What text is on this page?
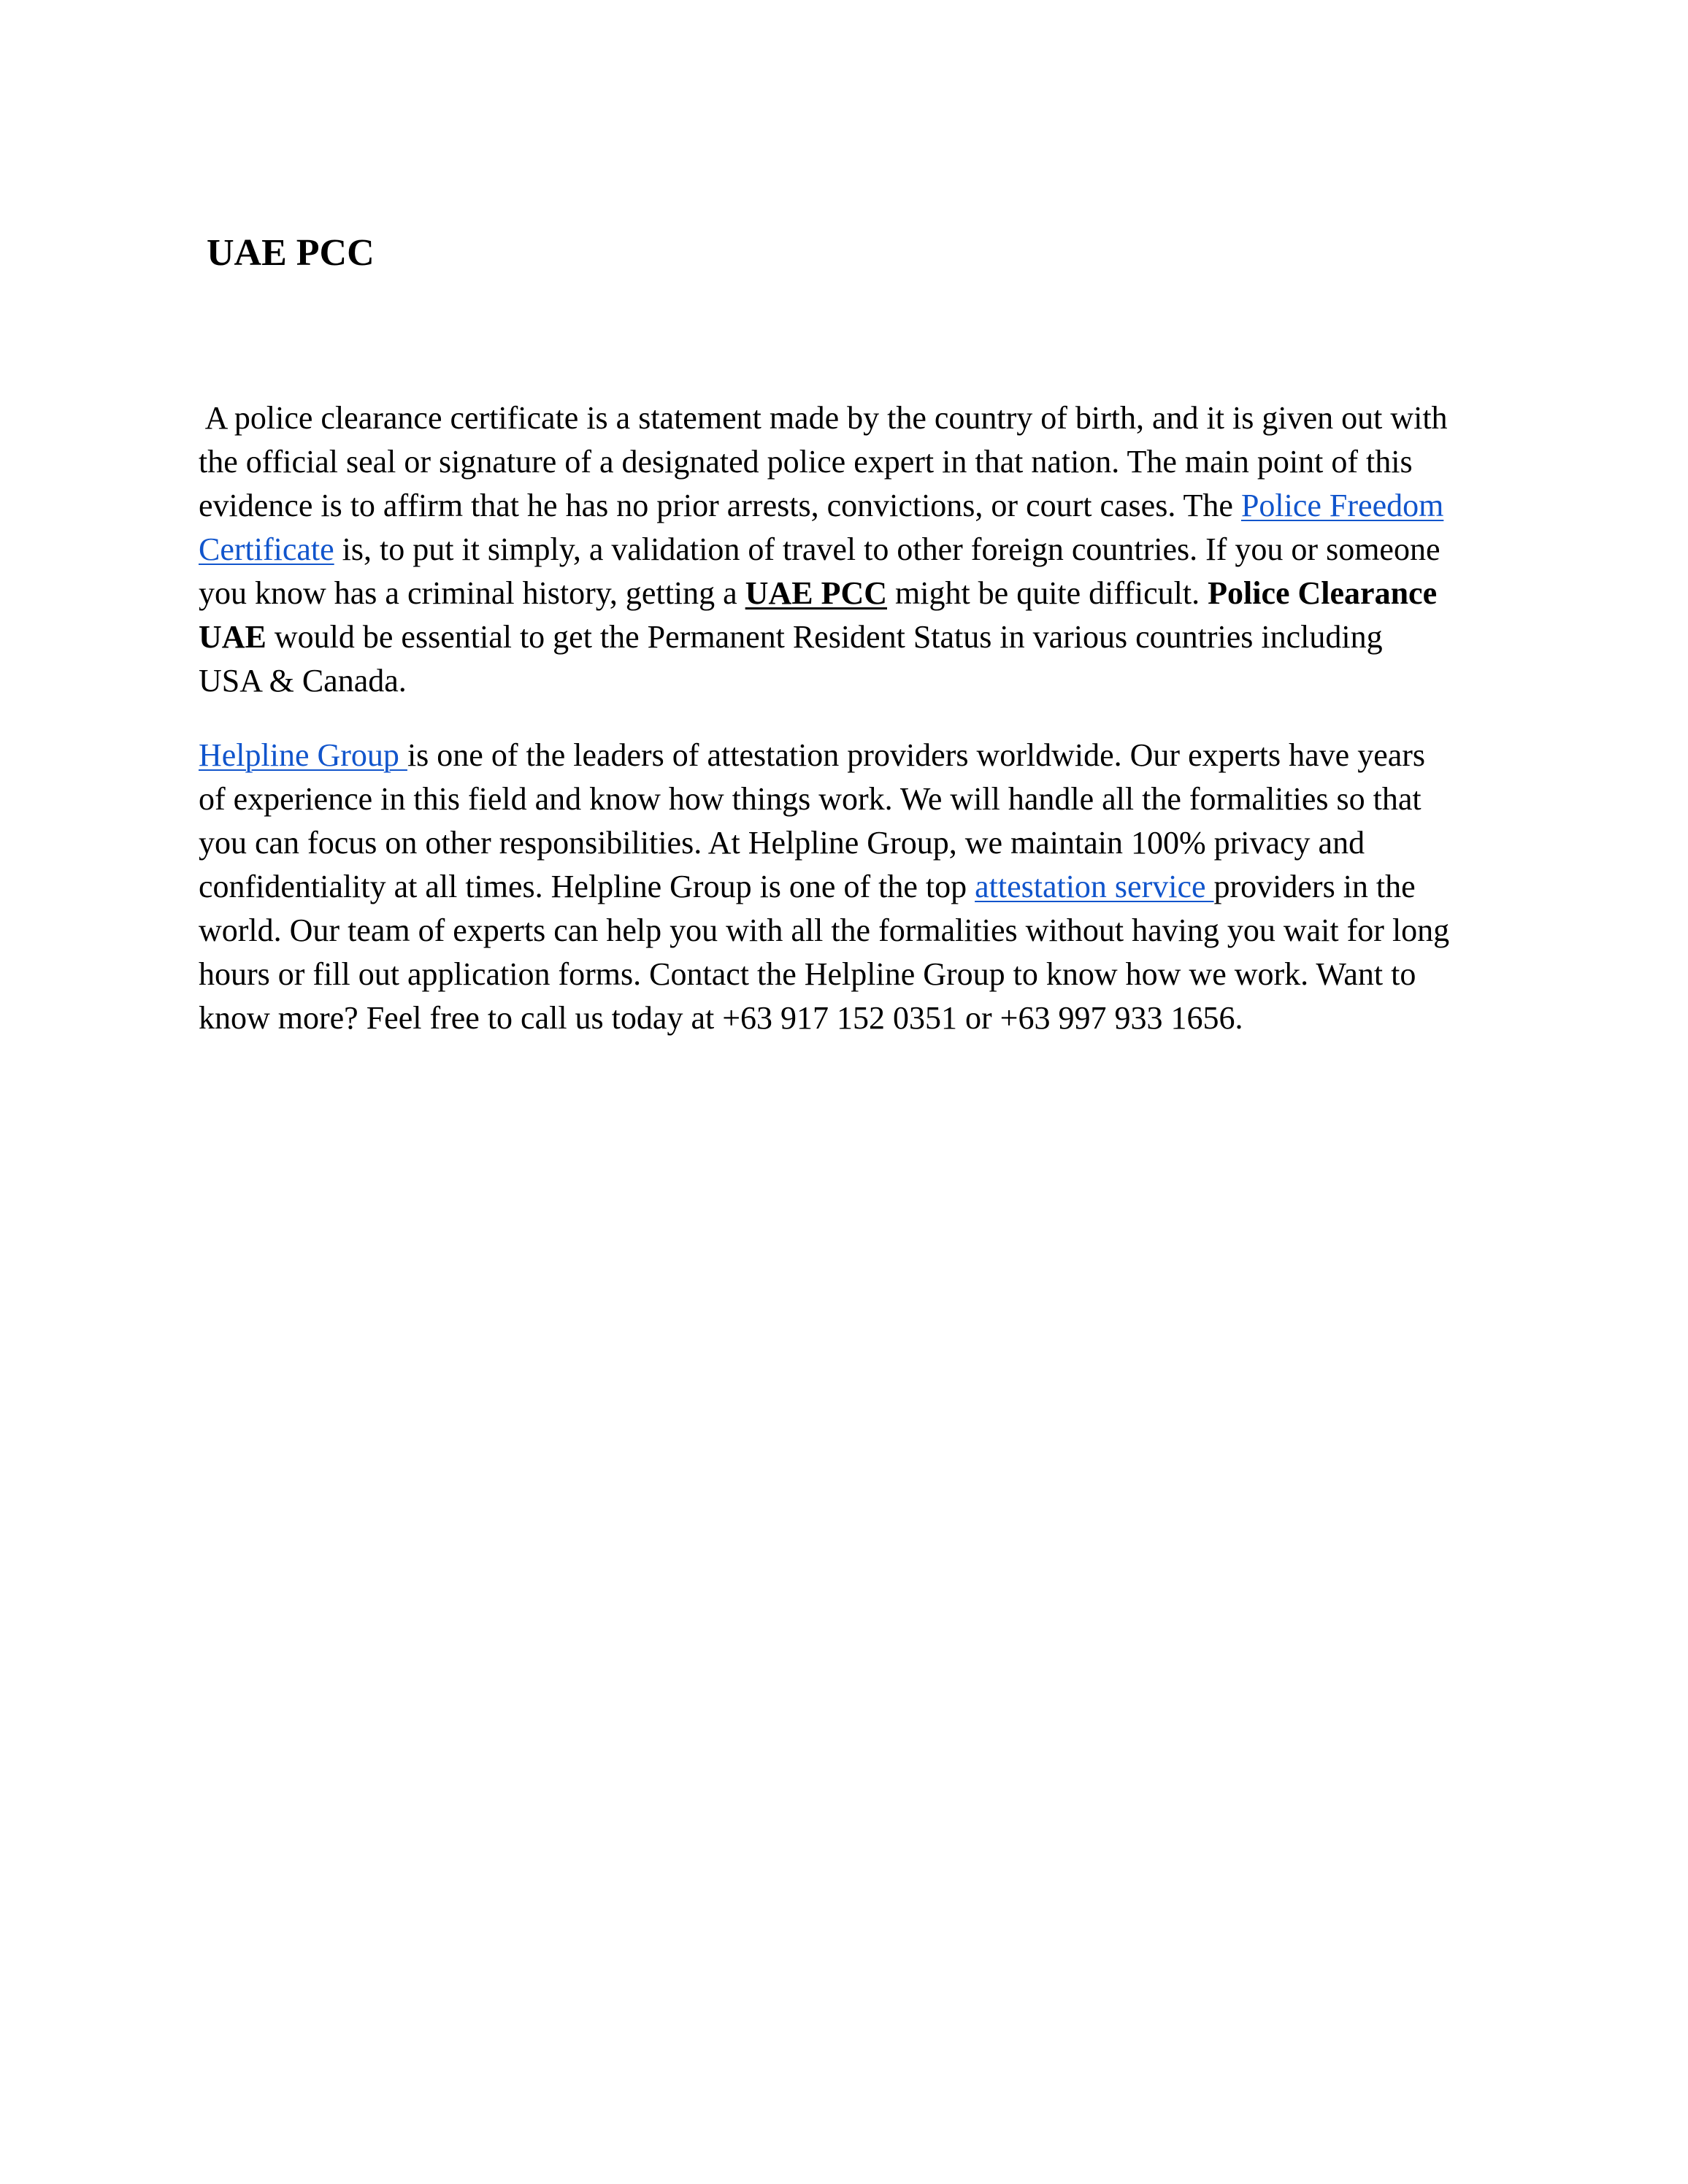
UAE PCC

A police clearance certificate is a statement made by the country of birth, and it is given out with
the official seal or signature of a designated police expert in that nation. The main point of this
evidence is to affirm that he has no prior arrests, convictions, or court cases. The Police Freedom
Certificate is, to put it simply, a validation of travel to other foreign countries. If you or someone
you know has a criminal history, getting a UAE PCC might be quite difficult. Police Clearance
UAE would be essential to get the Permanent Resident Status in various countries including
USA & Canada.

Helpline Group is one of the leaders of attestation providers worldwide. Our experts have years
of experience in this field and know how things work. We will handle all the formalities so that
you can focus on other responsibilities. At Helpline Group, we maintain 100% privacy and
confidentiality at all times. Helpline Group is one of the top attestation service providers in the
world. Our team of experts can help you with all the formalities without having you wait for long
hours or fill out application forms. Contact the Helpline Group to know how we work. Want to
know more? Feel free to call us today at +63 917 152 0351 or +63 997 933 1656.
